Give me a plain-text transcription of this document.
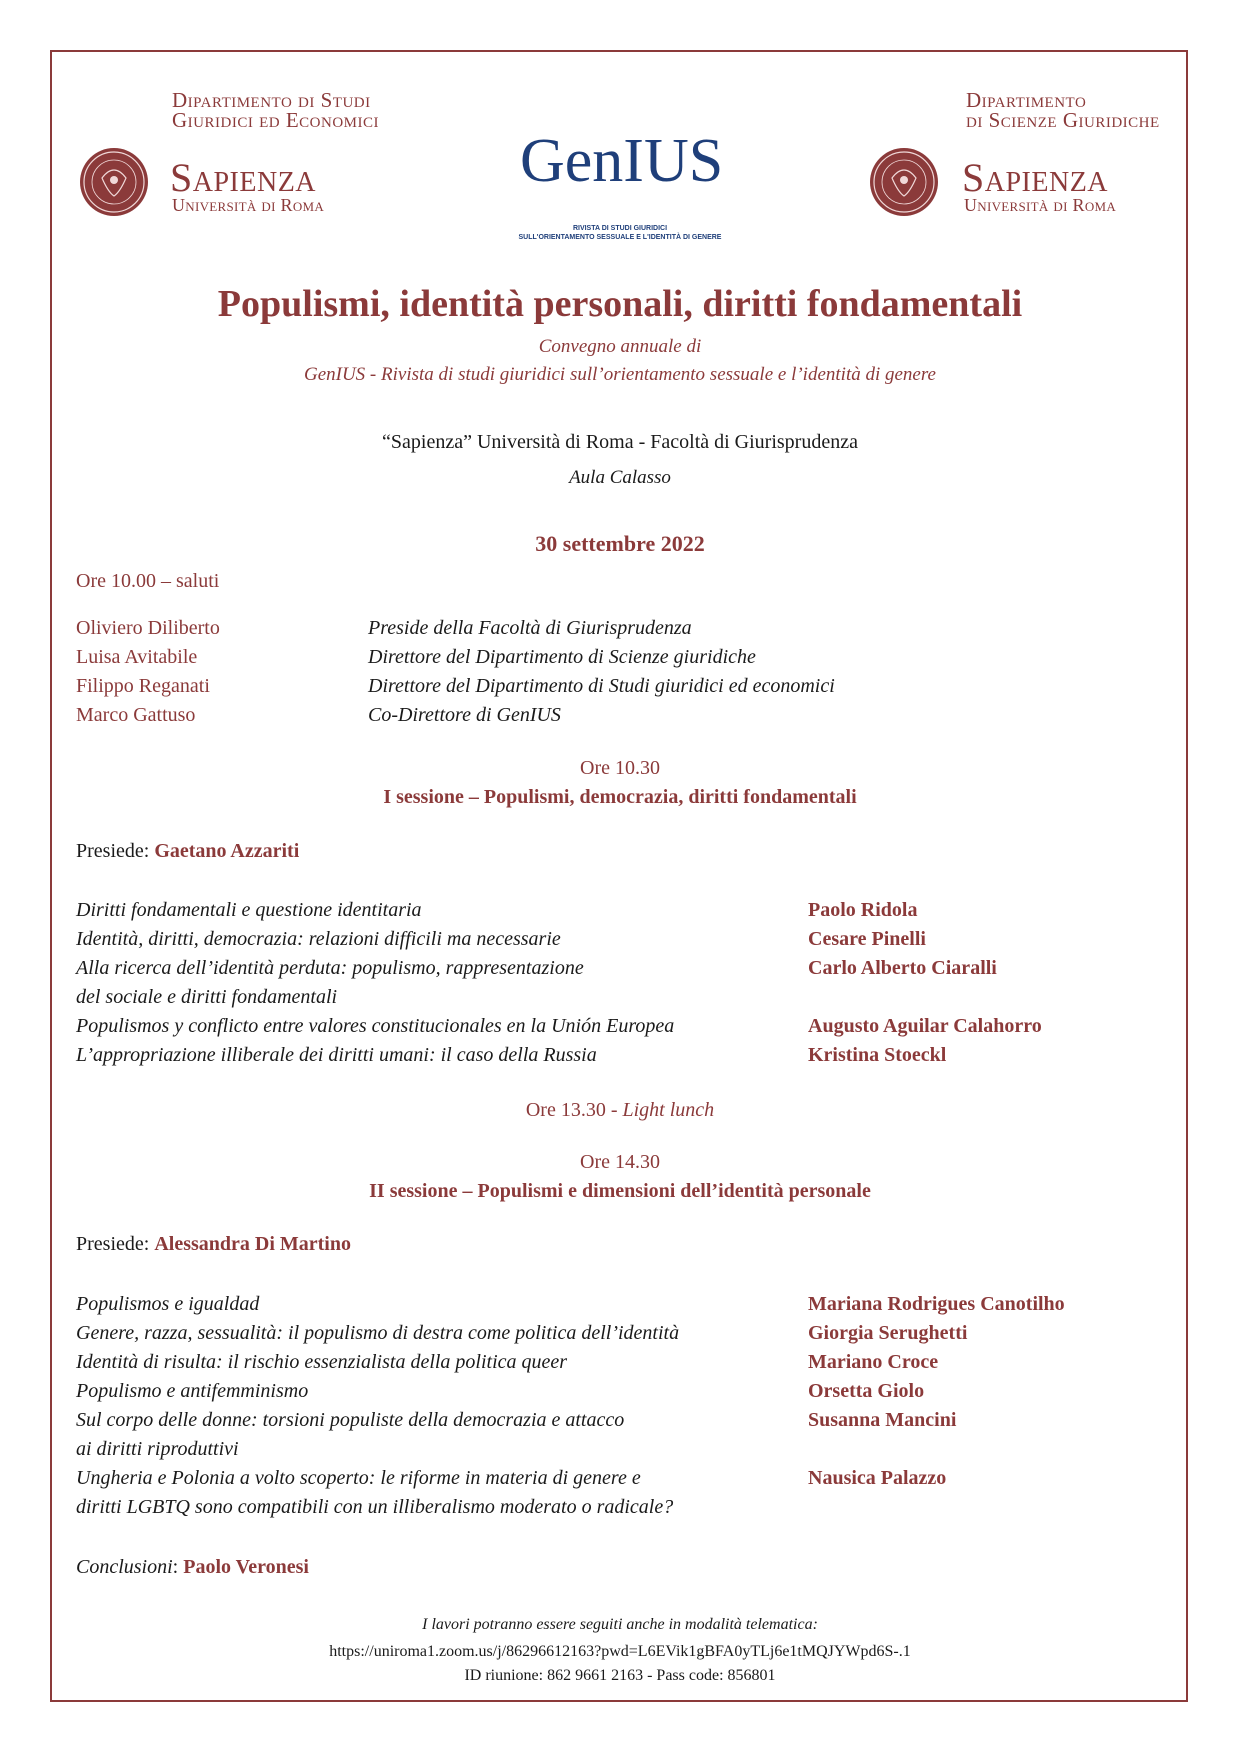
Dipartimento di Studi
Giuridici ed Economici
Sapienza
Università di Roma
GenIUS
RIVISTA DI STUDI GIURIDICI
SULL'ORIENTAMENTO SESSUALE E L'IDENTITÀ DI GENERE
Dipartimento
di Scienze Giuridiche
Sapienza
Università di Roma
Populismi, identità personali, diritti fondamentali
Convegno annuale di
GenIUS - Rivista di studi giuridici sull’orientamento sessuale e l’identità di genere
“Sapienza” Università di Roma - Facoltà di Giurisprudenza
Aula Calasso
30 settembre 2022
Ore 10.00 – saluti
Oliviero Diliberto	Preside della Facoltà di Giurisprudenza
Luisa Avitabile	Direttore del Dipartimento di Scienze giuridiche
Filippo Reganati	Direttore del Dipartimento di Studi giuridici ed economici
Marco Gattuso	Co-Direttore di GenIUS
Ore 10.30
I sessione – Populismi, democrazia, diritti fondamentali
Presiede: Gaetano Azzariti
Diritti fondamentali e questione identitaria	Paolo Ridola
Identità, diritti, democrazia: relazioni difficili ma necessarie	Cesare Pinelli
Alla ricerca dell’identità perduta: populismo, rappresentazione	Carlo Alberto Ciaralli
del sociale e diritti fondamentali
Populismos y conflicto entre valores constitucionales en la Unión Europea	Augusto Aguilar Calahorro
L’appropriazione illiberale dei diritti umani: il caso della Russia	Kristina Stoeckl
Ore 13.30 - Light lunch
Ore 14.30
II sessione – Populismi e dimensioni dell’identità personale
Presiede: Alessandra Di Martino
Populismos e igualdad	Mariana Rodrigues Canotilho
Genere, razza, sessualità: il populismo di destra come politica dell’identità	Giorgia Serughetti
Identità di risulta: il rischio essenzialista della politica queer	Mariano Croce
Populismo e antifemminismo	Orsetta Giolo
Sul corpo delle donne: torsioni populiste della democrazia e attacco	Susanna Mancini
ai diritti riproduttivi
Ungheria e Polonia a volto scoperto: le riforme in materia di genere e	Nausica Palazzo
diritti LGBTQ sono compatibili con un illiberalismo moderato o radicale?
Conclusioni: Paolo Veronesi
I lavori potranno essere seguiti anche in modalità telematica:
https://uniroma1.zoom.us/j/86296612163?pwd=L6EVik1gBFA0yTLj6e1tMQJYWpd6S-.1
ID riunione: 862 9661 2163 - Pass code: 856801
